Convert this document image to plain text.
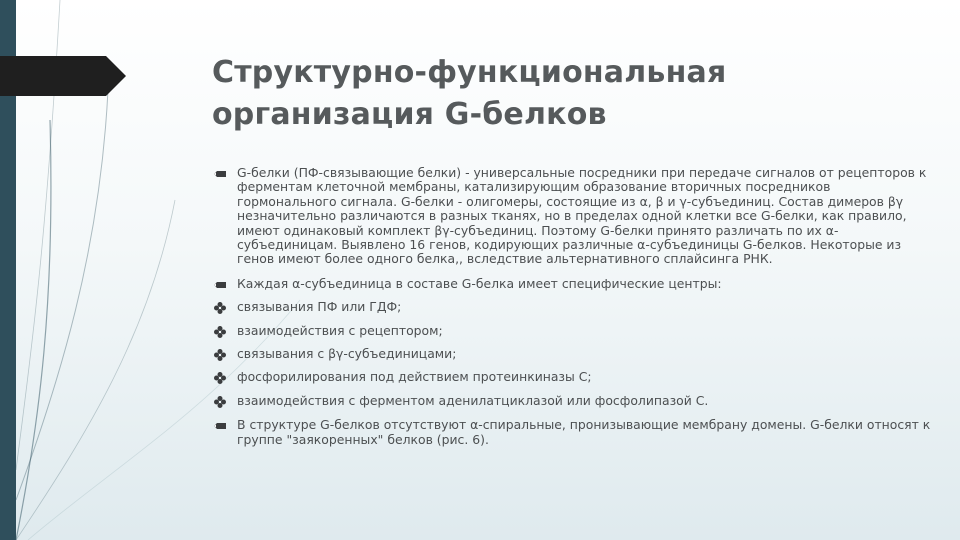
Структурно-функциональная
организация G-белков
G-белки (ПФ-связывающие белки) - универсальные посредники при передаче сигналов от рецепторов к ферментам клеточной мембраны, катализирующим образование вторичных посредников гормонального сигнала. G-белки - олигомеры, состоящие из α, β и γ-субъединиц. Состав димеров βγ незначительно различаются в разных тканях, но в пределах одной клетки все G-белки, как правило, имеют одинаковый комплект βγ-субъединиц. Поэтому G-белки принято различать по их α-субъединицам. Выявлено 16 генов, кодирующих различные α-субъединицы G-белков. Некоторые из генов имеют более одного белка,, вследствие альтернативного сплайсинга РНК.
Каждая α-субъединица в составе G-белка имеет специфические центры:
связывания ПФ или ГДФ;
взаимодействия с рецептором;
связывания с βγ-субъединицами;
фосфорилирования под действием протеинкиназы С;
взаимодействия с ферментом аденилатциклазой или фосфолипазой С.
В структуре G-белков отсутствуют α-спиральные, пронизывающие мембрану домены. G-белки относят к группе "заякоренных" белков (рис. 6).
